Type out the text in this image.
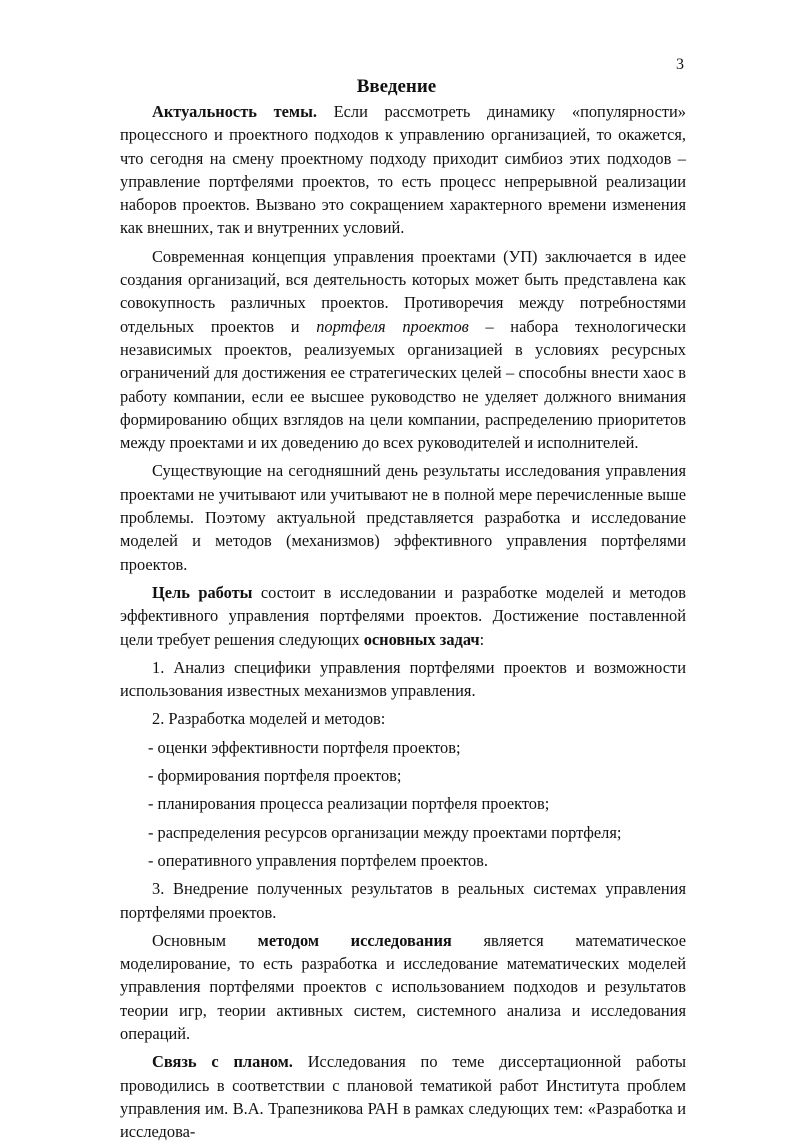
3
Введение

Актуальность темы. Если рассмотреть динамику «популярности» процессного и проектного подходов к управлению организацией, то окажется, что сегодня на смену проектному подходу приходит симбиоз этих подходов – управление портфелями проектов, то есть процесс непрерывной реализации наборов проектов. Вызвано это сокращением характерного времени изменения как внешних, так и внутренних условий.

Современная концепция управления проектами (УП) заключается в идее создания организаций, вся деятельность которых может быть представлена как совокупность различных проектов. Противоречия между потребностями отдельных проектов и портфеля проектов – набора технологически независимых проектов, реализуемых организацией в условиях ресурсных ограничений для достижения ее стратегических целей – способны внести хаос в работу компании, если ее высшее руководство не уделяет должного внимания формированию общих взглядов на цели компании, распределению приоритетов между проектами и их доведению до всех руководителей и исполнителей.

Существующие на сегодняшний день результаты исследования управления проектами не учитывают или учитывают не в полной мере перечисленные выше проблемы. Поэтому актуальной представляется разработка и исследование моделей и методов (механизмов) эффективного управления портфелями проектов.

Цель работы состоит в исследовании и разработке моделей и методов эффективного управления портфелями проектов. Достижение поставленной цели требует решения следующих основных задач:

1. Анализ специфики управления портфелями проектов и возможности использования известных механизмов управления.

2. Разработка моделей и методов:

- оценки эффективности портфеля проектов;

- формирования портфеля проектов;

- планирования процесса реализации портфеля проектов;

- распределения ресурсов организации между проектами портфеля;

- оперативного управления портфелем проектов.

3. Внедрение полученных результатов в реальных системах управления портфелями проектов.

Основным методом исследования является математическое моделирование, то есть разработка и исследование математических моделей управления портфелями проектов с использованием подходов и результатов теории игр, теории активных систем, системного анализа и исследования операций.

Связь с планом. Исследования по теме диссертационной работы проводились в соответствии с плановой тематикой работ Института проблем управления им. В.А. Трапезникова РАН в рамках следующих тем: «Разработка и исследова-
